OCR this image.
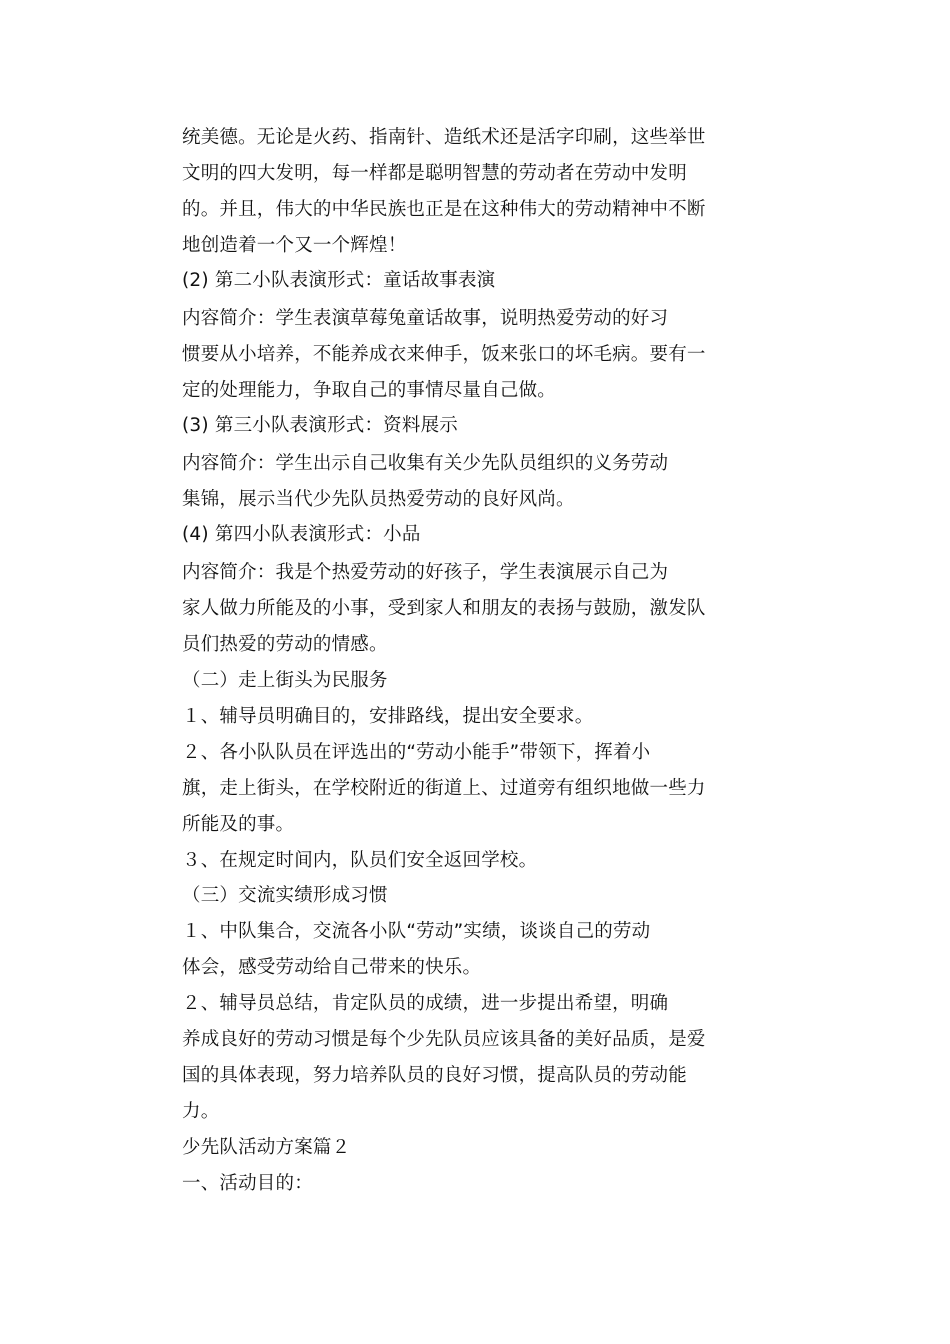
统美德。无论是火药、指南针、造纸术还是活字印刷，这些举世
文明的四大发明，每一样都是聪明智慧的劳动者在劳动中发明
的。并且，伟大的中华民族也正是在这种伟大的劳动精神中不断
地创造着一个又一个辉煌！
(2) 第二小队表演形式：童话故事表演
内容简介：学生表演草莓兔童话故事，说明热爱劳动的好习
惯要从小培养，不能养成衣来伸手，饭来张口的坏毛病。要有一
定的处理能力，争取自己的事情尽量自己做。
(3) 第三小队表演形式：资料展示
内容简介：学生出示自己收集有关少先队员组织的义务劳动
集锦，展示当代少先队员热爱劳动的良好风尚。
(4) 第四小队表演形式：小品
内容简介：我是个热爱劳动的好孩子，学生表演展示自己为
家人做力所能及的小事，受到家人和朋友的表扬与鼓励，激发队
员们热爱的劳动的情感。
（二）走上街头为民服务
１、辅导员明确目的，安排路线，提出安全要求。
２、各小队队员在评选出的“劳动小能手”带领下，挥着小
旗，走上街头，在学校附近的街道上、过道旁有组织地做一些力
所能及的事。
３、在规定时间内，队员们安全返回学校。
（三）交流实绩形成习惯
１、中队集合，交流各小队“劳动”实绩，谈谈自己的劳动
体会，感受劳动给自己带来的快乐。
２、辅导员总结，肯定队员的成绩，进一步提出希望，明确
养成良好的劳动习惯是每个少先队员应该具备的美好品质，是爱
国的具体表现，努力培养队员的良好习惯，提高队员的劳动能
力。
少先队活动方案篇２
一、活动目的：
